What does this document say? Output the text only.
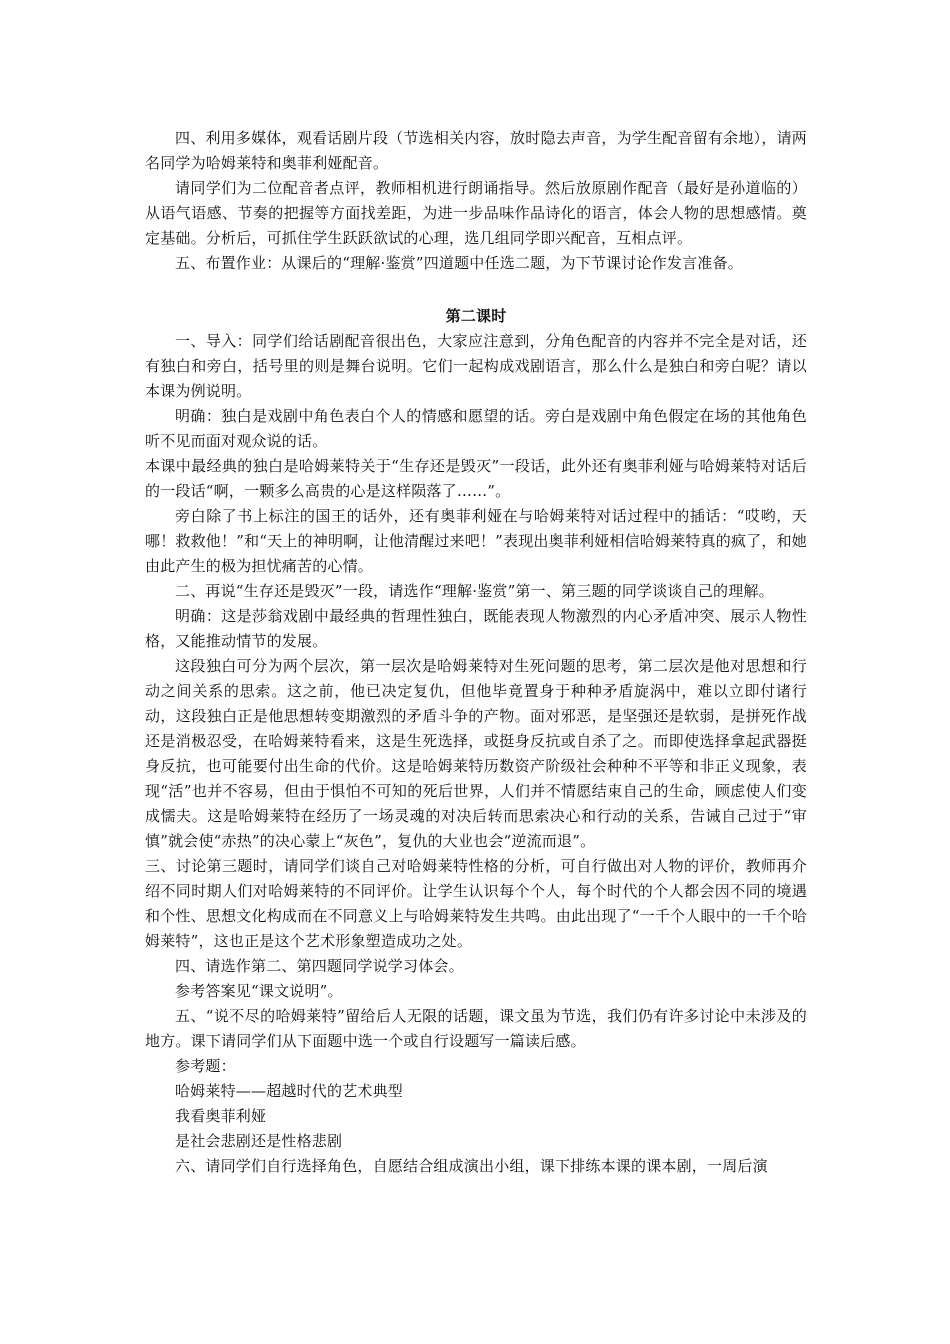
四、利用多媒体，观看话剧片段（节选相关内容，放时隐去声音，为学生配音留有余地），请两名同学为哈姆莱特和奥菲利娅配音。

请同学们为二位配音者点评，教师相机进行朗诵指导。然后放原剧作配音（最好是孙道临的）从语气语感、节奏的把握等方面找差距，为进一步品味作品诗化的语言，体会人物的思想感情。奠定基础。分析后，可抓住学生跃跃欲试的心理，选几组同学即兴配音，互相点评。

五、布置作业：从课后的“理解·鉴赏”四道题中任选二题，为下节课讨论作发言准备。

第二课时

一、导入：同学们给话剧配音很出色，大家应注意到，分角色配音的内容并不完全是对话，还有独白和旁白，括号里的则是舞台说明。它们一起构成戏剧语言，那么什么是独白和旁白呢？请以本课为例说明。

明确：独白是戏剧中角色表白个人的情感和愿望的话。旁白是戏剧中角色假定在场的其他角色听不见而面对观众说的话。

本课中最经典的独白是哈姆莱特关于“生存还是毁灭”一段话，此外还有奥菲利娅与哈姆莱特对话后的一段话“啊，一颗多么高贵的心是这样陨落了……”。

旁白除了书上标注的国王的话外，还有奥菲利娅在与哈姆莱特对话过程中的插话：“哎哟，天哪！救救他！”和“天上的神明啊，让他清醒过来吧！”表现出奥菲利娅相信哈姆莱特真的疯了，和她由此产生的极为担忧痛苦的心情。

二、再说“生存还是毁灭”一段，请选作“理解·鉴赏”第一、第三题的同学谈谈自己的理解。

明确：这是莎翁戏剧中最经典的哲理性独白，既能表现人物激烈的内心矛盾冲突、展示人物性格，又能推动情节的发展。

这段独白可分为两个层次，第一层次是哈姆莱特对生死问题的思考，第二层次是他对思想和行动之间关系的思索。这之前，他已决定复仇，但他毕竟置身于种种矛盾旋涡中，难以立即付诸行动，这段独白正是他思想转变期激烈的矛盾斗争的产物。面对邪恶，是坚强还是软弱，是拼死作战还是消极忍受，在哈姆莱特看来，这是生死选择，或挺身反抗或自杀了之。而即使选择拿起武器挺身反抗，也可能要付出生命的代价。这是哈姆莱特历数资产阶级社会种种不平等和非正义现象，表现“活”也并不容易，但由于惧怕不可知的死后世界，人们并不情愿结束自己的生命，顾虑使人们变成懦夫。这是哈姆莱特在经历了一场灵魂的对决后转而思索决心和行动的关系，告诫自己过于“审慎”就会使“赤热”的决心蒙上“灰色”，复仇的大业也会“逆流而退”。

三、讨论第三题时，请同学们谈自己对哈姆莱特性格的分析，可自行做出对人物的评价，教师再介绍不同时期人们对哈姆莱特的不同评价。让学生认识每个个人，每个时代的个人都会因不同的境遇和个性、思想文化构成而在不同意义上与哈姆莱特发生共鸣。由此出现了“一千个人眼中的一千个哈姆莱特”，这也正是这个艺术形象塑造成功之处。

四、请选作第二、第四题同学说学习体会。

参考答案见“课文说明”。

五、“说不尽的哈姆莱特”留给后人无限的话题，课文虽为节选，我们仍有许多讨论中未涉及的地方。课下请同学们从下面题中选一个或自行设题写一篇读后感。

参考题：

哈姆莱特——超越时代的艺术典型

我看奥菲利娅

是社会悲剧还是性格悲剧

六、请同学们自行选择角色，自愿结合组成演出小组，课下排练本课的课本剧，一周后演
